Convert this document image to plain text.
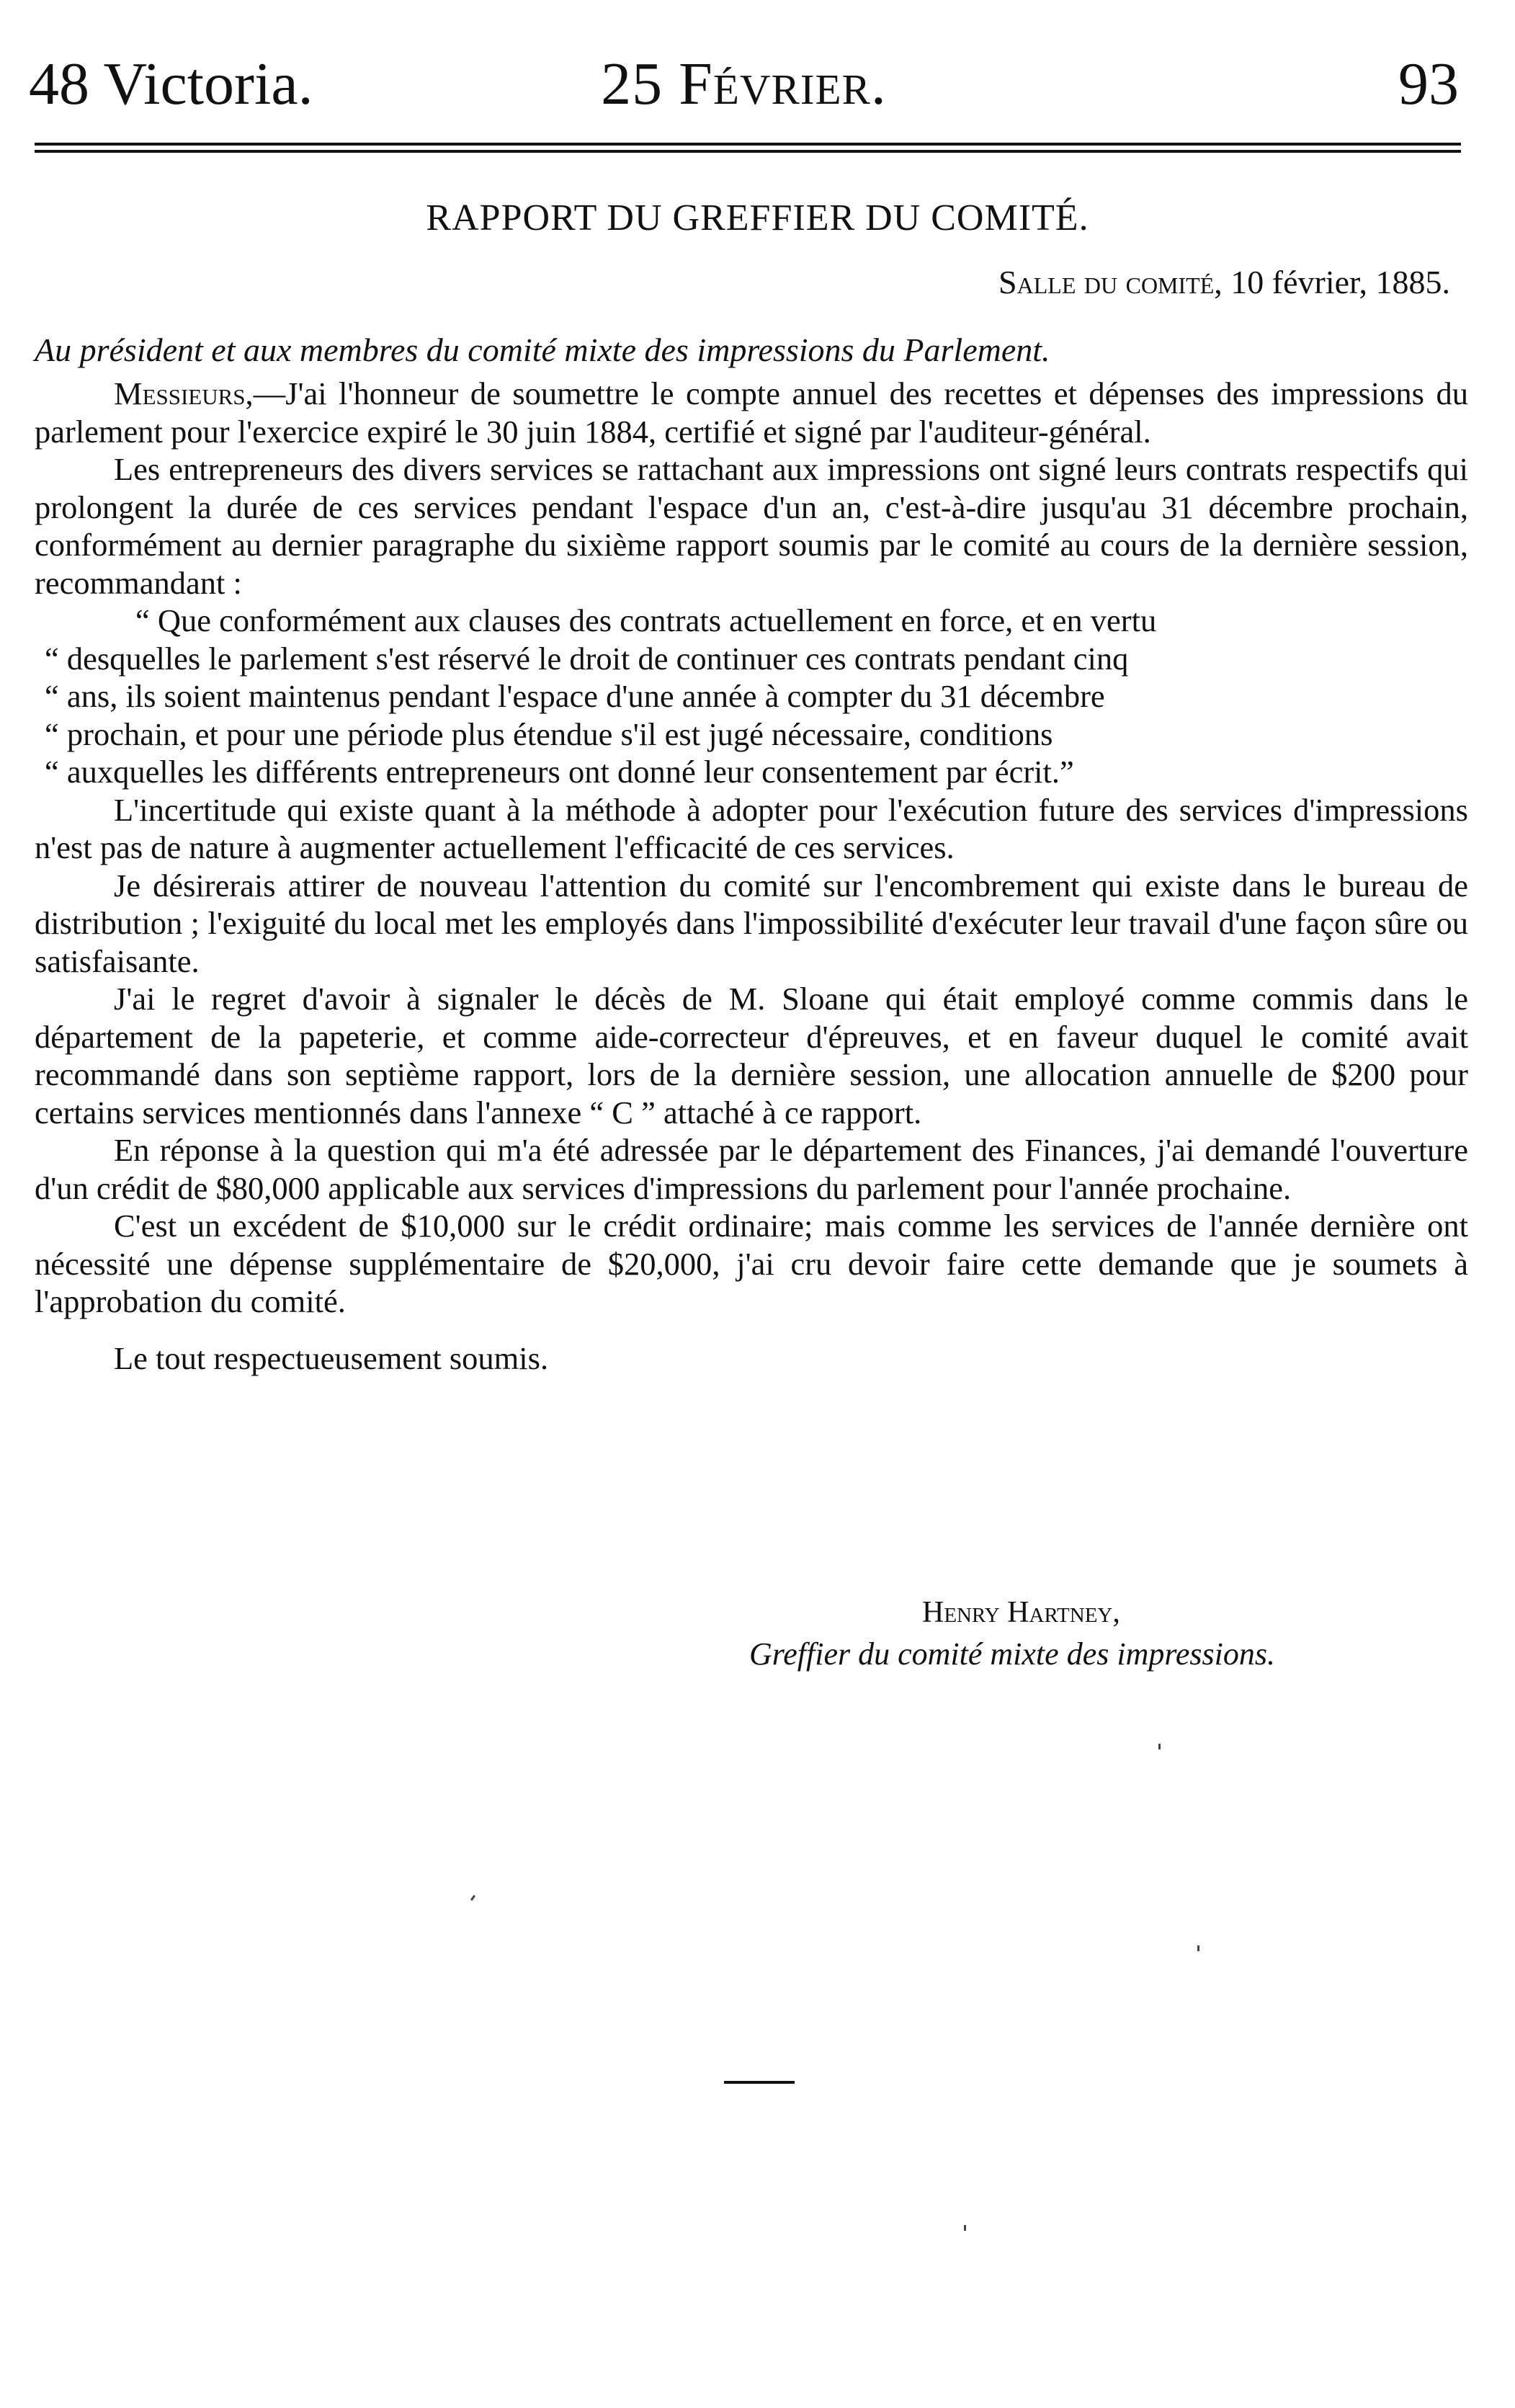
48 Victoria.	25 Février.	93
RAPPORT DU GREFFIER DU COMITÉ.
Salle du comité, 10 février, 1885.
Au président et aux membres du comité mixte des impressions du Parlement.

Messieurs,—J'ai l'honneur de soumettre le compte annuel des recettes et dépenses des impressions du parlement pour l'exercice expiré le 30 juin 1884, certifié et signé par l'auditeur-général.

Les entrepreneurs des divers services se rattachant aux impressions ont signé leurs contrats respectifs qui prolongent la durée de ces services pendant l'espace d'un an, c'est-à-dire jusqu'au 31 décembre prochain, conformément au dernier paragraphe du sixième rapport soumis par le comité au cours de la dernière session, recommandant :

“ Que conformément aux clauses des contrats actuellement en force, et en vertu
“ desquelles le parlement s'est réservé le droit de continuer ces contrats pendant cinq
“ ans, ils soient maintenus pendant l'espace d'une année à compter du 31 décembre
“ prochain, et pour une période plus étendue s'il est jugé nécessaire, conditions
“ auxquelles les différents entrepreneurs ont donné leur consentement par écrit.”

L'incertitude qui existe quant à la méthode à adopter pour l'exécution future des services d'impressions n'est pas de nature à augmenter actuellement l'efficacité de ces services.

Je désirerais attirer de nouveau l'attention du comité sur l'encombrement qui existe dans le bureau de distribution ; l'exiguité du local met les employés dans l'impossibilité d'exécuter leur travail d'une façon sûre ou satisfaisante.

J'ai le regret d'avoir à signaler le décès de M. Sloane qui était employé comme commis dans le département de la papeterie, et comme aide-correcteur d'épreuves, et en faveur duquel le comité avait recommandé dans son septième rapport, lors de la dernière session, une allocation annuelle de $200 pour certains services mentionnés dans l'annexe “ C ” attaché à ce rapport.

En réponse à la question qui m'a été adressée par le département des Finances, j'ai demandé l'ouverture d'un crédit de $80,000 applicable aux services d'impressions du parlement pour l'année prochaine.

C'est un excédent de $10,000 sur le crédit ordinaire; mais comme les services de l'année dernière ont nécessité une dépense supplémentaire de $20,000, j'ai cru devoir faire cette demande que je soumets à l'approbation du comité.

Le tout respectueusement soumis.

Henry Hartney,
Greffier du comité mixte des impressions.
